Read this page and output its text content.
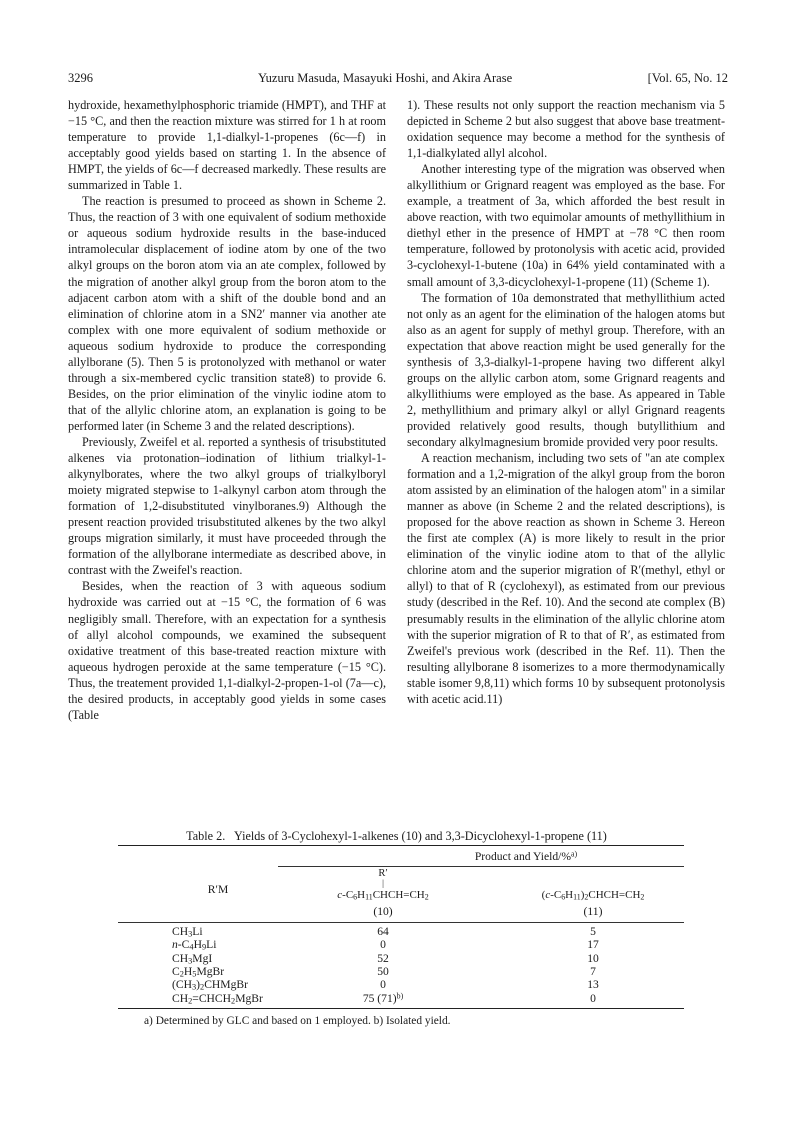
3296	Yuzuru Masuda, Masayuki Hoshi, and Akira Arase	[Vol. 65, No. 12

hydroxide, hexamethylphosphoric triamide (HMPT), and THF at −15 °C, and then the reaction mixture was stirred for 1 h at room temperature to provide 1,1-dialkyl-1-propenes (6c—f) in acceptably good yields based on starting 1. In the absence of HMPT, the yields of 6c—f decreased markedly. These results are summarized in Table 1.

The reaction is presumed to proceed as shown in Scheme 2. Thus, the reaction of 3 with one equivalent of sodium methoxide or aqueous sodium hydroxide results in the base-induced intramolecular displacement of iodine atom by one of the two alkyl groups on the boron atom via an ate complex, followed by the migration of another alkyl group from the boron atom to the adjacent carbon atom with a shift of the double bond and an elimination of chlorine atom in a SN2′ manner via another ate complex with one more equivalent of sodium methoxide or aqueous sodium hydroxide to produce the corresponding allylborane (5). Then 5 is protonolyzed with methanol or water through a six-membered cyclic transition state8) to provide 6. Besides, on the prior elimination of the vinylic iodine atom to that of the allylic chlorine atom, an explanation is going to be performed later (in Scheme 3 and the related descriptions).

Previously, Zweifel et al. reported a synthesis of trisubstituted alkenes via protonation–iodination of lithium trialkyl-1-alkynylborates, where the two alkyl groups of trialkylboryl moiety migrated stepwise to 1-alkynyl carbon atom through the formation of 1,2-disubstituted vinylboranes.9) Although the present reaction provided trisubstituted alkenes by the two alkyl groups migration similarly, it must have proceeded through the formation of the allylborane intermediate as described above, in contrast with the Zweifel's reaction.

Besides, when the reaction of 3 with aqueous sodium hydroxide was carried out at −15 °C, the formation of 6 was negligibly small. Therefore, with an expectation for a synthesis of allyl alcohol compounds, we examined the subsequent oxidative treatment of this base-treated reaction mixture with aqueous hydrogen peroxide at the same temperature (−15 °C). Thus, the treatement provided 1,1-dialkyl-2-propen-1-ol (7a—c), the desired products, in acceptably good yields in some cases (Table

1). These results not only support the reaction mechanism via 5 depicted in Scheme 2 but also suggest that above base treatment-oxidation sequence may become a method for the synthesis of 1,1-dialkylated allyl alcohol.

Another interesting type of the migration was observed when alkyllithium or Grignard reagent was employed as the base. For example, a treatment of 3a, which afforded the best result in above reaction, with two equimolar amounts of methyllithium in diethyl ether in the presence of HMPT at −78 °C then room temperature, followed by protonolysis with acetic acid, provided 3-cyclohexyl-1-butene (10a) in 64% yield contaminated with a small amount of 3,3-dicyclohexyl-1-propene (11) (Scheme 1).

The formation of 10a demonstrated that methyllithium acted not only as an agent for the elimination of the halogen atoms but also as an agent for supply of methyl group. Therefore, with an expectation that above reaction might be used generally for the synthesis of 3,3-dialkyl-1-propene having two different alkyl groups on the allylic carbon atom, some Grignard reagents and alkyllithiums were employed as the base. As appeared in Table 2, methyllithium and primary alkyl or allyl Grignard reagents provided relatively good results, though butyllithium and secondary alkylmagnesium bromide provided very poor results.

A reaction mechanism, including two sets of "an ate complex formation and a 1,2-migration of the alkyl group from the boron atom assisted by an elimination of the halogen atom" in a similar manner as above (in Scheme 2 and the related descriptions), is proposed for the above reaction as shown in Scheme 3. Hereon the first ate complex (A) is more likely to result in the prior elimination of the vinylic iodine atom to that of the allylic chlorine atom and the superior migration of R′(methyl, ethyl or allyl) to that of R (cyclohexyl), as estimated from our previous study (described in the Ref. 10). And the second ate complex (B) presumably results in the elimination of the allylic chlorine atom with the superior migration of R to that of R′, as estimated from Zweifel's previous work (described in the Ref. 11). Then the resulting allylborane 8 isomerizes to a more thermodynamically stable isomer 9,8,11) which forms 10 by subsequent protonolysis with acetic acid.11)

Table 2. Yields of 3-Cyclohexyl-1-alkenes (10) and 3,3-Dicyclohexyl-1-propene (11)
Product and Yield/%$^{a)}$
R′M
R′
|
$c-C_6H_{11}CHCH=CH_2$	$(c-C_6H_{11})_2CHCH=CH_2$
(10)	(11)
$CH_3Li$	64	5
$n-C_4H_9Li$	0	17
$CH_3MgI$	52	10
$C_2H_5MgBr$	50	7
$(CH_3)_2CHMgBr$	0	13
$CH_2=CHCH_2MgBr$	75 $(71)^{b)}$	0
a) Determined by GLC and based on 1 employed. b) Isolated yield.
